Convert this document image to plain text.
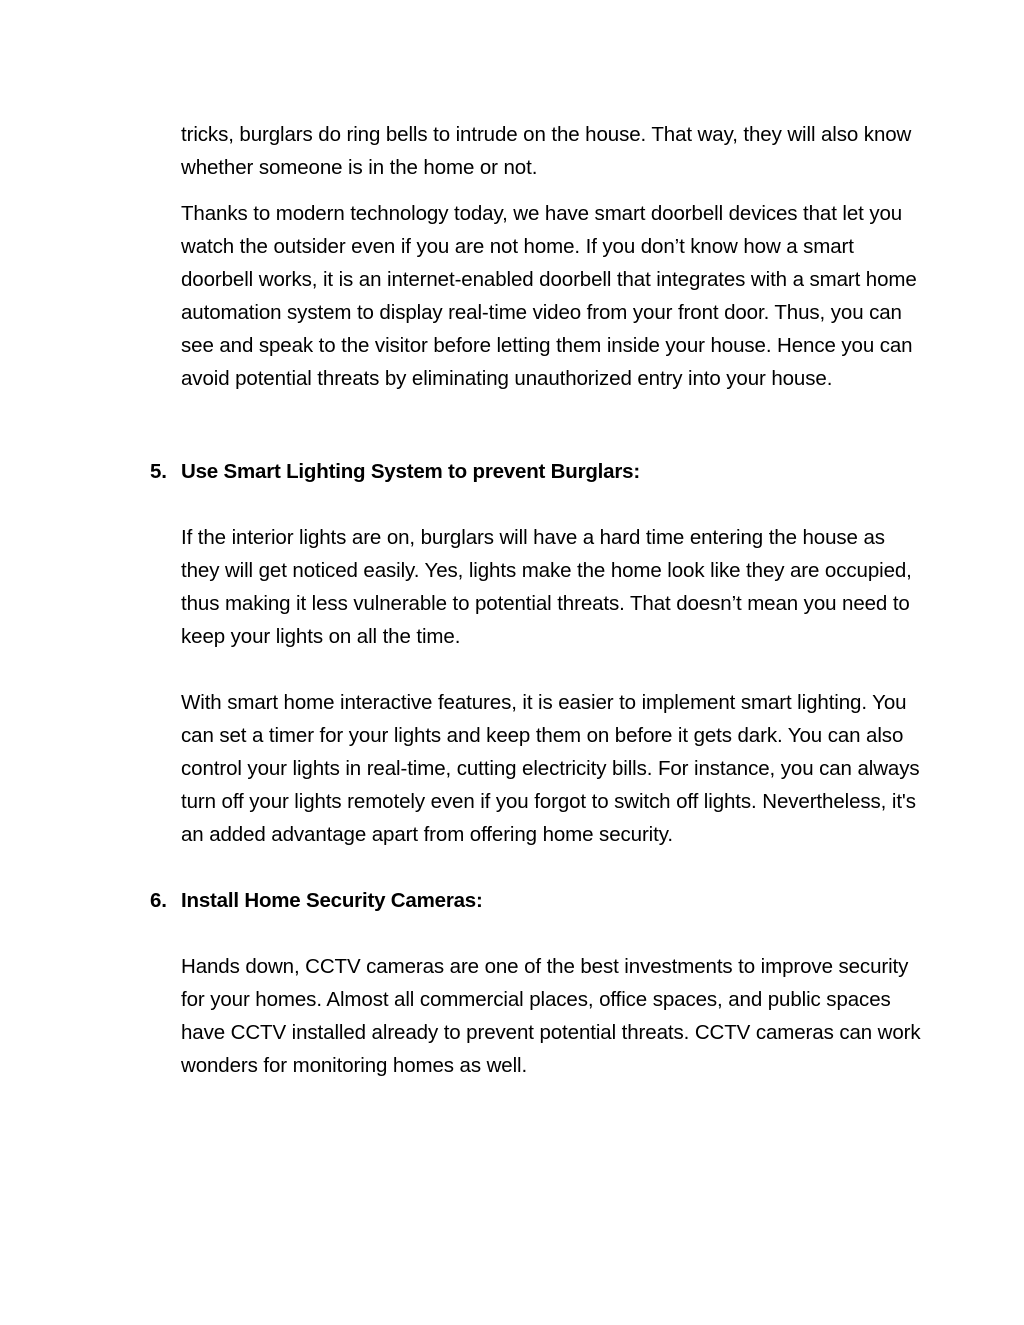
tricks, burglars do ring bells to intrude on the house. That way, they will also know whether someone is in the home or not.

Thanks to modern technology today, we have smart doorbell devices that let you watch the outsider even if you are not home. If you don’t know how a smart doorbell works, it is an internet-enabled doorbell that integrates with a smart home automation system to display real-time video from your front door. Thus, you can see and speak to the visitor before letting them inside your house. Hence you can avoid potential threats by eliminating unauthorized entry into your house.

5. Use Smart Lighting System to prevent Burglars:

If the interior lights are on, burglars will have a hard time entering the house as they will get noticed easily. Yes, lights make the home look like they are occupied, thus making it less vulnerable to potential threats. That doesn’t mean you need to keep your lights on all the time.

With smart home interactive features, it is easier to implement smart lighting. You can set a timer for your lights and keep them on before it gets dark. You can also control your lights in real-time, cutting electricity bills. For instance, you can always turn off your lights remotely even if you forgot to switch off lights. Nevertheless, it's an added advantage apart from offering home security.

6. Install Home Security Cameras:

Hands down, CCTV cameras are one of the best investments to improve security for your homes. Almost all commercial places, office spaces, and public spaces have CCTV installed already to prevent potential threats. CCTV cameras can work wonders for monitoring homes as well.
